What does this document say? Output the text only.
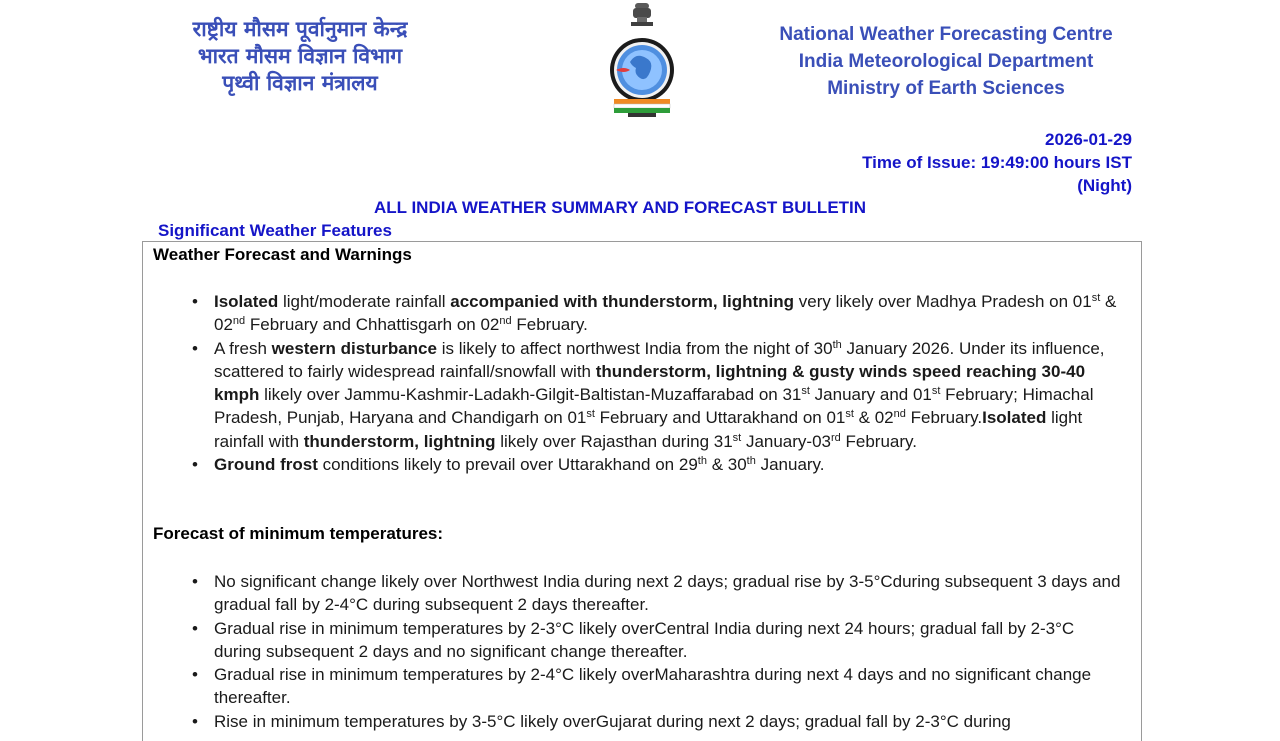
राष्ट्रीय मौसम पूर्वानुमान केन्द्र
भारत मौसम विज्ञान विभाग
पृथ्वी विज्ञान मंत्रालय
National Weather Forecasting Centre
India Meteorological Department
Ministry of Earth Sciences
2026-01-29
Time of Issue: 19:49:00 hours IST
(Night)
ALL INDIA WEATHER SUMMARY AND FORECAST BULLETIN
Significant Weather Features
Weather Forecast and Warnings
• Isolated light/moderate rainfall accompanied with thunderstorm, lightning very likely over Madhya Pradesh on 01st & 02nd February and Chhattisgarh on 02nd February.
• A fresh western disturbance is likely to affect northwest India from the night of 30th January 2026. Under its influence, scattered to fairly widespread rainfall/snowfall with thunderstorm, lightning & gusty winds speed reaching 30-40 kmph likely over Jammu-Kashmir-Ladakh-Gilgit-Baltistan-Muzaffarabad on 31st January and 01st February; Himachal Pradesh, Punjab, Haryana and Chandigarh on 01st February and Uttarakhand on 01st & 02nd February.Isolated light rainfall with thunderstorm, lightning likely over Rajasthan during 31st January-03rd February.
• Ground frost conditions likely to prevail over Uttarakhand on 29th & 30th January.
Forecast of minimum temperatures:
• No significant change likely over Northwest India during next 2 days; gradual rise by 3-5°Cduring subsequent 3 days and gradual fall by 2-4°C during subsequent 2 days thereafter.
• Gradual rise in minimum temperatures by 2-3°C likely overCentral India during next 24 hours; gradual fall by 2-3°C during subsequent 2 days and no significant change thereafter.
• Gradual rise in minimum temperatures by 2-4°C likely overMaharashtra during next 4 days and no significant change thereafter.
• Rise in minimum temperatures by 3-5°C likely overGujarat during next 2 days; gradual fall by 2-3°C during
